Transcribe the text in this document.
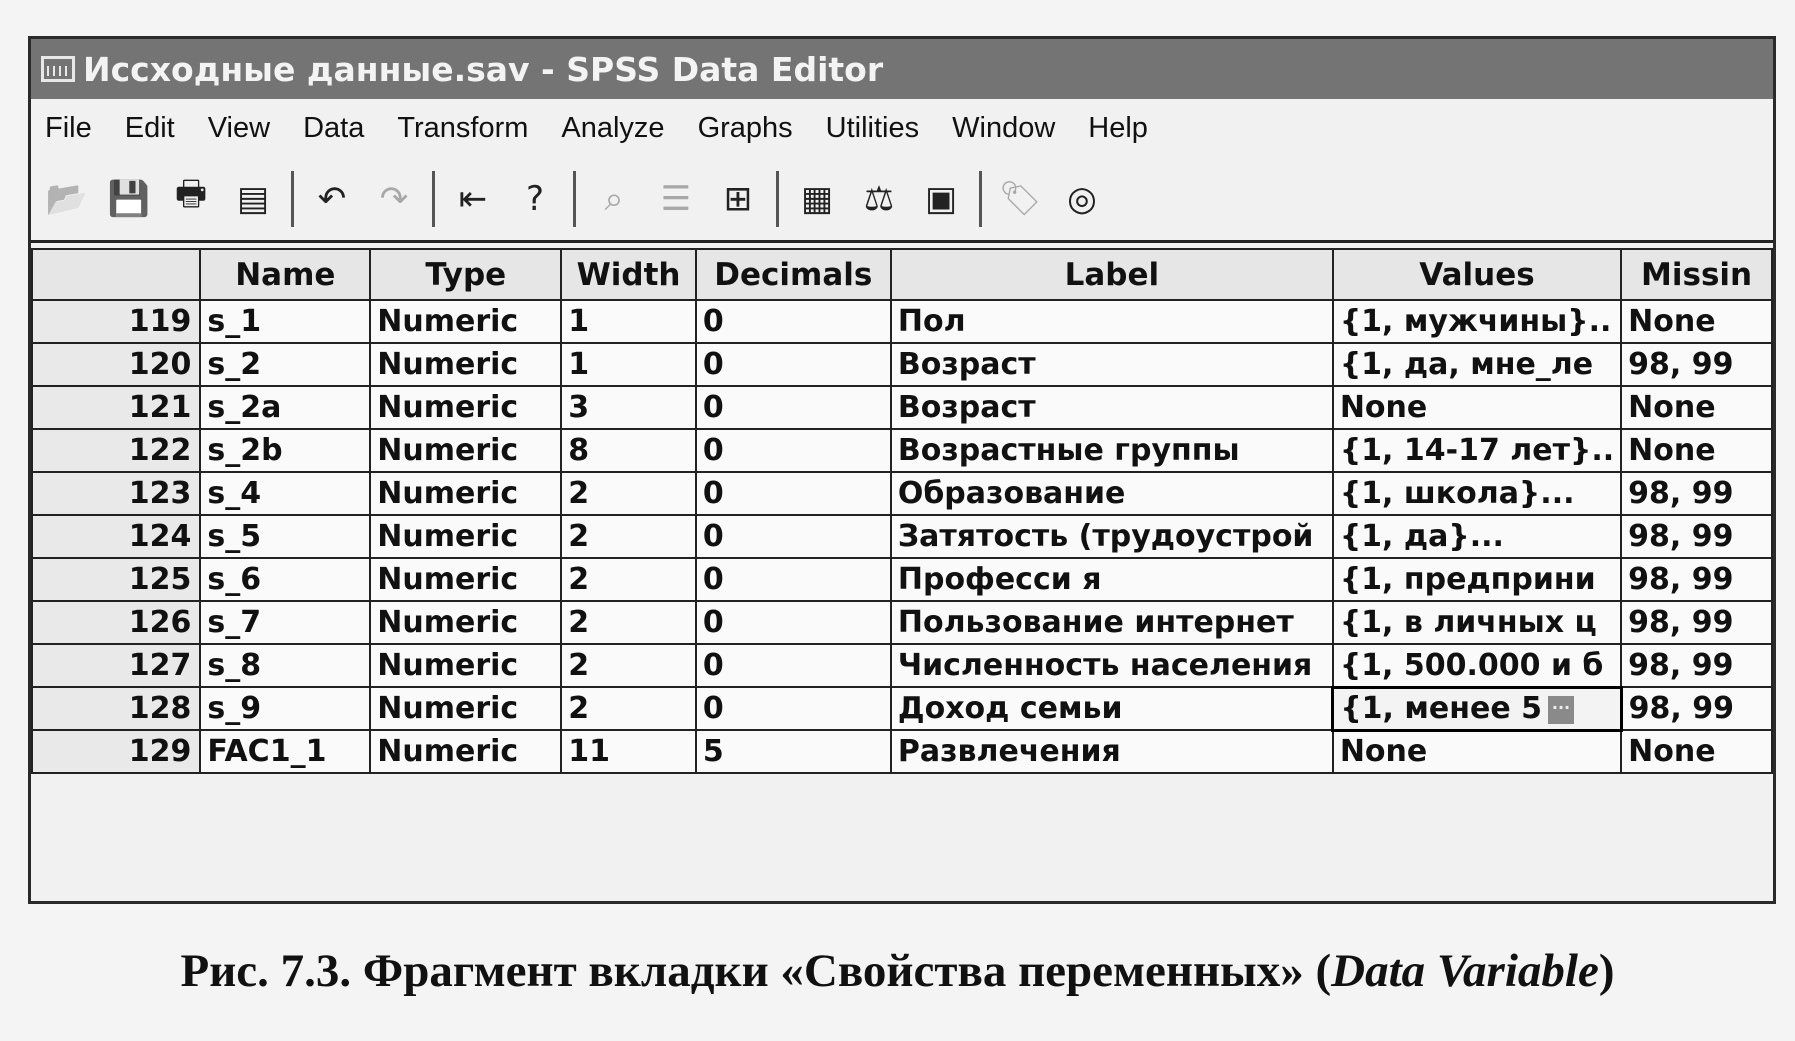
Иссходные данные.sav - SPSS Data Editor
File Edit View Data Transform Analyze Graphs Utilities Window Help
📂 💾 🖶 ▤ ↶ ↷ ⇤	?	⌕	☰ ⊞ ▦ ⚖ ▣ 🏷 ◎
	Name	Type	Width	Decimals	Label	Values	Missin
119	s_1	Numeric	1	0	Пол	{1, мужчины}..	None
120	s_2	Numeric	1	0	Возраст	{1, да, мне_ле	98, 99
121	s_2a	Numeric	3	0	Возраст	None	None
122	s_2b	Numeric	8	0	Возрастные группы	{1, 14-17 лет}..	None
123	s_4	Numeric	2	0	Образование	{1, школа}...	98, 99
124	s_5	Numeric	2	0	Затятость (трудоустрой	{1, да}...	98, 99
125	s_6	Numeric	2	0	Професси я	{1, предприни	98, 99
126	s_7	Numeric	2	0	Пользование интернет	{1, в личных ц	98, 99
127	s_8	Numeric	2	0	Численность населения	{1, 500.000 и б	98, 99
128	s_9	Numeric	2	0	Доход семьи	{1, менее 5 ···	98, 99
129	FAC1_1	Numeric	11	5	Развлечения	None	None
Рис. 7.3. Фрагмент вкладки «Свойства переменных» (Data Variable)
